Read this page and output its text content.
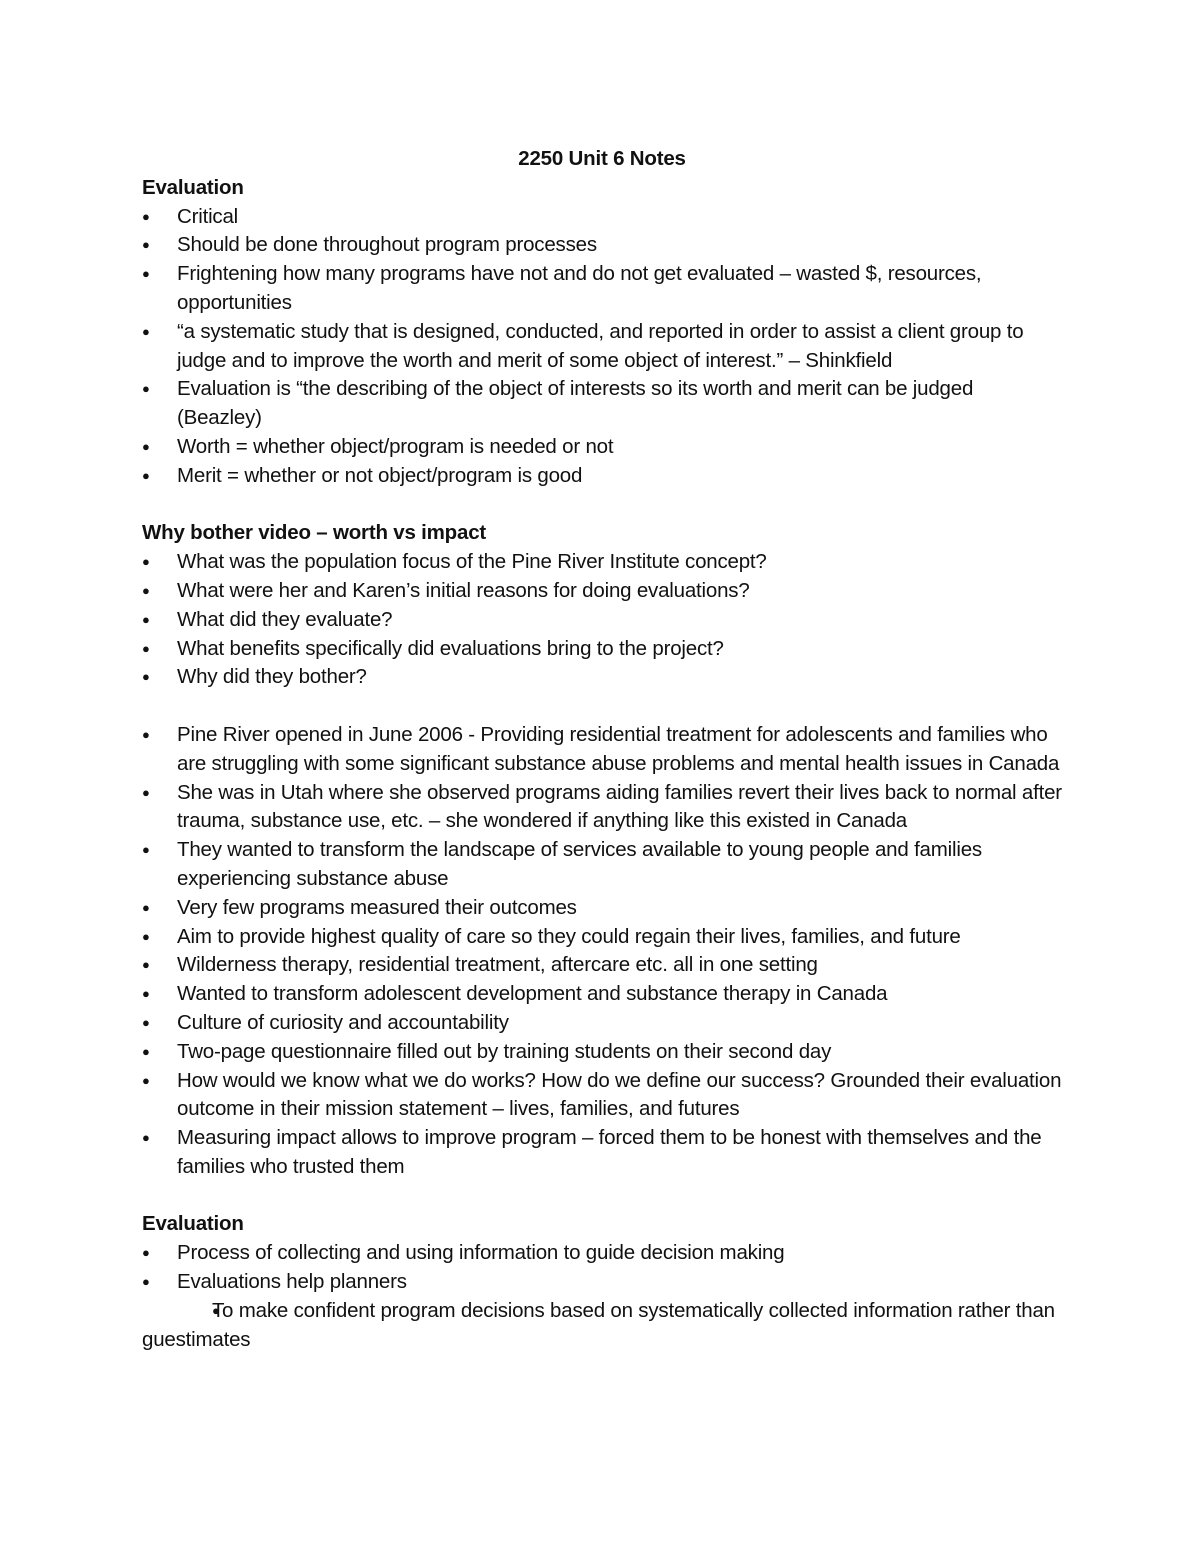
2250 Unit 6 Notes
Evaluation
● Critical
● Should be done throughout program processes
● Frightening how many programs have not and do not get evaluated – wasted $, resources, opportunities
● “a systematic study that is designed, conducted, and reported in order to assist a client group to judge and to improve the worth and merit of some object of interest.” – Shinkfield
● Evaluation is “the describing of the object of interests so its worth and merit can be judged (Beazley)
● Worth = whether object/program is needed or not
● Merit = whether or not object/program is good
Why bother video – worth vs impact
● What was the population focus of the Pine River Institute concept?
● What were her and Karen’s initial reasons for doing evaluations?
● What did they evaluate?
● What benefits specifically did evaluations bring to the project?
● Why did they bother?
● Pine River opened in June 2006 - Providing residential treatment for adolescents and families who are struggling with some significant substance abuse problems and mental health issues in Canada
● She was in Utah where she observed programs aiding families revert their lives back to normal after trauma, substance use, etc. – she wondered if anything like this existed in Canada
● They wanted to transform the landscape of services available to young people and families experiencing substance abuse
● Very few programs measured their outcomes
● Aim to provide highest quality of care so they could regain their lives, families, and future
● Wilderness therapy, residential treatment, aftercare etc. all in one setting
● Wanted to transform adolescent development and substance therapy in Canada
● Culture of curiosity and accountability
● Two-page questionnaire filled out by training students on their second day
● How would we know what we do works? How do we define our success? Grounded their evaluation outcome in their mission statement – lives, families, and futures
● Measuring impact allows to improve program – forced them to be honest with themselves and the families who trusted them
Evaluation
● Process of collecting and using information to guide decision making
● Evaluations help planners
● To make confident program decisions based on systematically collected information rather than guestimates
